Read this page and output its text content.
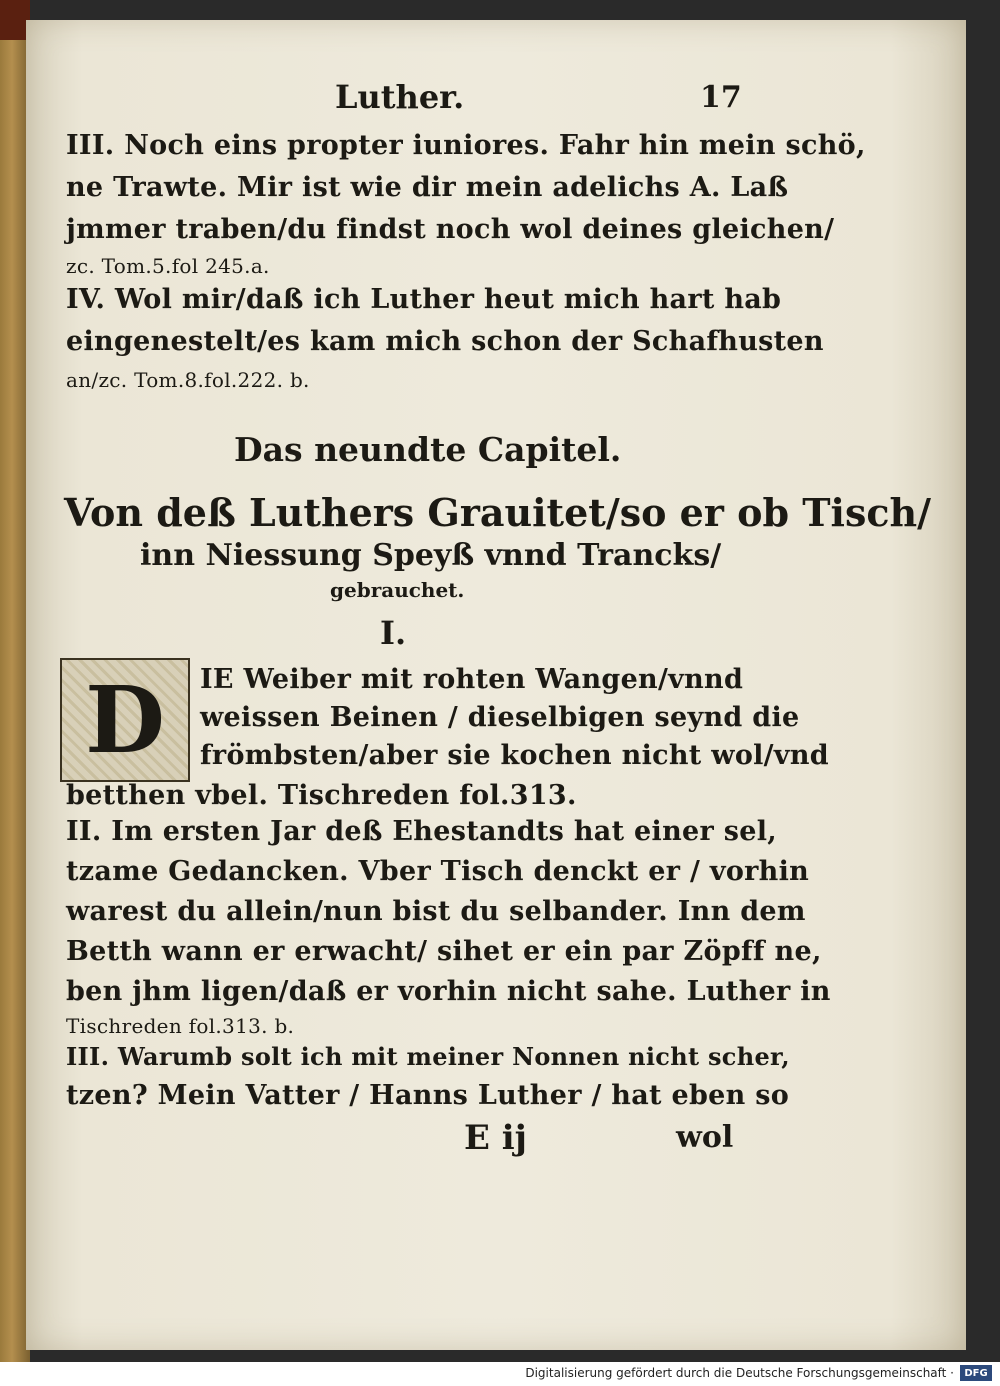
Luther.	17
III. Noch eins propter iuniores. Fahr hin mein schö,
ne Trawte. Mir ist wie dir mein adelichs A. Laß
jmmer traben/du findst noch wol deines gleichen/
zc. Tom.5.fol 245.a.
IV. Wol mir/daß ich Luther heut mich hart hab
eingenestelt/es kam mich schon der Schafhusten
an/zc. Tom.8.fol.222. b.
Das neundte Capitel.
Von deß Luthers Grauitet/so er ob Tisch/
inn Niessung Speyß vnnd Trancks/
gebrauchet.
I.
D	IE Weiber mit rohten Wangen/vnnd
weissen Beinen / dieselbigen seynd die
frömbsten/aber sie kochen nicht wol/vnd
betthen vbel. Tischreden fol.313.
II. Im ersten Jar deß Ehestandts hat einer sel,
tzame Gedancken. Vber Tisch denckt er / vorhin
warest du allein/nun bist du selbander. Inn dem
Betth wann er erwacht/ sihet er ein par Zöpff ne,
ben jhm ligen/daß er vorhin nicht sahe. Luther in
Tischreden fol.313. b.
III. Warumb solt ich mit meiner Nonnen nicht scher,
tzen? Mein Vatter / Hanns Luther / hat eben so
E ij	wol
Digitalisierung gefördert durch die Deutsche Forschungsgemeinschaft ·	DFG
